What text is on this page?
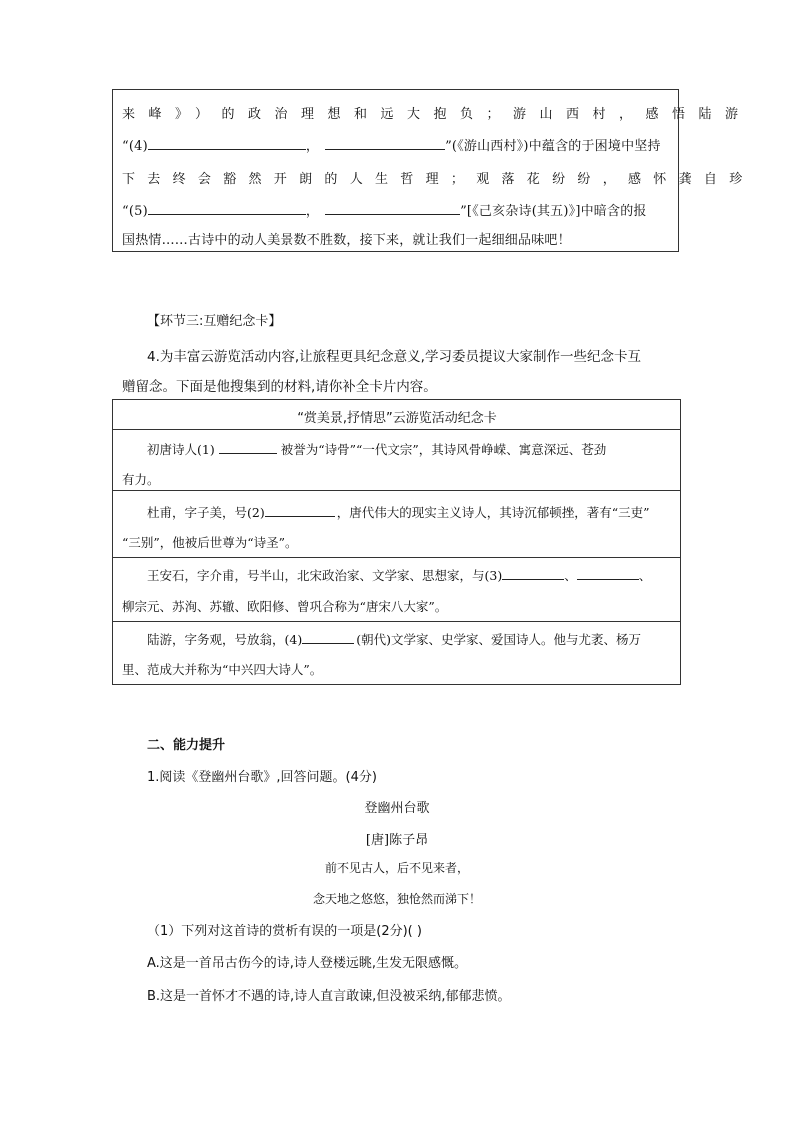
来峰》）的政治理想和远大抱负；游山西村，感悟陆游
“(4)	，	”(《游山西村》)中蕴含的于困境中坚持
下去终会豁然开朗的人生哲理；观落花纷纷，感怀龚自珍
“(5)	，	”[《己亥杂诗(其五)》]中暗含的报
国热情……古诗中的动人美景数不胜数，接下来，就让我们一起细细品味吧！
【环节三:互赠纪念卡】
4.为丰富云游览活动内容,让旅程更具纪念意义,学习委员提议大家制作一些纪念卡互
赠留念。下面是他搜集到的材料,请你补全卡片内容。
“赏美景,抒情思”云游览活动纪念卡
初唐诗人(1)	被誉为“诗骨”“一代文宗”，其诗风骨峥嵘、寓意深远、苍劲
有力。
杜甫，字子美，号(2)	，唐代伟大的现实主义诗人，其诗沉郁顿挫，著有“三吏”
“三别”，他被后世尊为“诗圣”。
王安石，字介甫，号半山，北宋政治家、文学家、思想家，与(3)	、	、
柳宗元、苏洵、苏辙、欧阳修、曾巩合称为“唐宋八大家”。
陆游，字务观，号放翁，(4)	(朝代)文学家、史学家、爱国诗人。他与尤袤、杨万
里、范成大并称为“中兴四大诗人”。
二、能力提升
1.阅读《登幽州台歌》,回答问题。(4分)
登幽州台歌
[唐]陈子昂
前不见古人，后不见来者，
念天地之悠悠，独怆然而涕下！
（1）下列对这首诗的赏析有误的一项是(2分)( )
A.这是一首吊古伤今的诗,诗人登楼远眺,生发无限感慨。
B.这是一首怀才不遇的诗,诗人直言敢谏,但没被采纳,郁郁悲愤。
